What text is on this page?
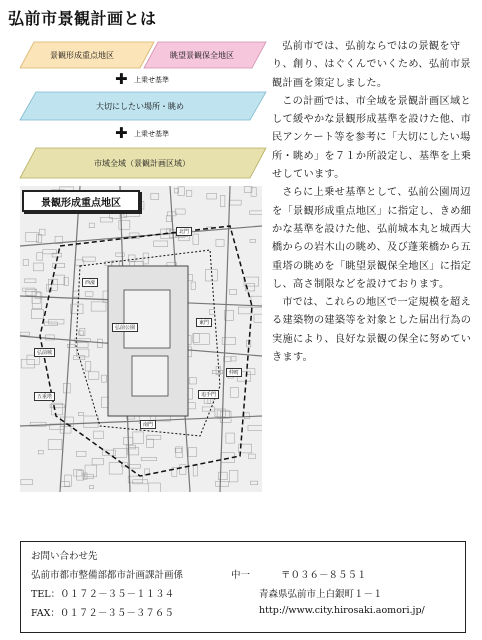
弘前市景観計画とは
景観形成重点地区	眺望景観保全地区
✚ 上乗せ基準
大切にしたい場所・眺め
✚ 上乗せ基準
市域全域（景観計画区域）
景観形成重点地区
弘前公園
北門
東門
南門
西濠
弘前城
仲町
五重塔	追手門

弘前市では、弘前ならではの景観を守り、創り、はぐくんでいくため、弘前市景観計画を策定しました。

この計画では、市全域を景観計画区域として緩やかな景観形成基準を設けた他、市民アンケート等を参考に「大切にしたい場所・眺め」を７１か所設定し、基準を上乗せしています。

さらに上乗せ基準として、弘前公園周辺を「景観形成重点地区」に指定し、きめ細かな基準を設けた他、弘前城本丸と城西大橋からの岩木山の眺め、及び蓬莱橋から五重塔の眺めを「眺望景観保全地区」に指定し、高さ制限などを設けております。

市では、これらの地区で一定規模を超える建築物の建築等を対象とした届出行為の実施により、良好な景観の保全に努めていきます。

お問い合わせ先
弘前市都市整備部都市計画課計画係	中一	〒０３６－８５５１
TEL：０１７２－３５－１１３４	青森県弘前市上白銀町１－１
FAX：０１７２－３５－３７６５	http://www.city.hirosaki.aomori.jp/
